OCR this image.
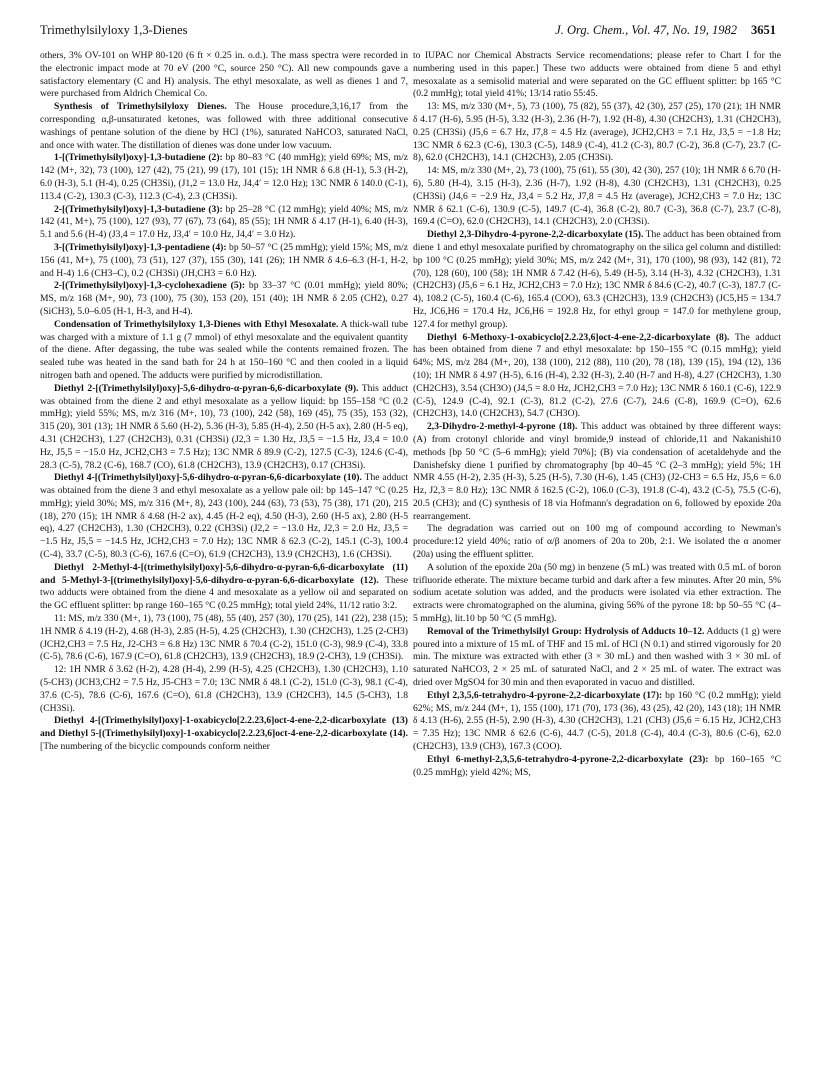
Trimethylsilyloxy 1,3-Dienes	J. Org. Chem., Vol. 47, No. 19, 1982 3651

others, 3% OV-101 on WHP 80-120 (6 ft × 0.25 in. o.d.). The mass spectra were recorded in the electronic impact mode at 70 eV (200 °C, source 250 °C). All new compounds gave a satisfactory elementary (C and H) analysis. The ethyl mesoxalate, as well as dienes 1 and 7, were purchased from Aldrich Chemical Co.

Synthesis of Trimethylsilyloxy Dienes. The House procedure,3,16,17 from the corresponding α,β-unsaturated ketones, was followed with three additional consecutive washings of pentane solution of the diene by HCl (1%), saturated NaHCO3, saturated NaCl, and once with water. The distillation of dienes was done under low vacuum.

1-[(Trimethylsilyl)oxy]-1,3-butadiene (2): bp 80–83 °C (40 mmHg); yield 69%; MS, m/z 142 (M+, 32), 73 (100), 127 (42), 75 (21), 99 (17), 101 (15); 1H NMR δ 6.8 (H-1), 5.3 (H-2), 6.0 (H-3), 5.1 (H-4), 0.25 (CH3Si), (J1,2 = 13.0 Hz, J4,4′ = 12.0 Hz); 13C NMR δ 140.0 (C-1), 113.4 (C-2), 130.3 (C-3), 112.3 (C-4), 2.3 (CH3Si).

2-[(Trimethylsilyl)oxy]-1,3-butadiene (3): bp 25–28 °C (12 mmHg); yield 40%; MS, m/z 142 (41, M+), 75 (100), 127 (93), 77 (67), 73 (64), 85 (55); 1H NMR δ 4.17 (H-1), 6.40 (H-3), 5.1 and 5.6 (H-4) (J3,4 = 17.0 Hz, J3,4′ = 10.0 Hz, J4,4′ = 3.0 Hz).

3-[(Trimethylsilyl)oxy]-1,3-pentadiene (4): bp 50–57 °C (25 mmHg); yield 15%; MS, m/z 156 (41, M+), 75 (100), 73 (51), 127 (37), 155 (30), 141 (26); 1H NMR δ 4.6–6.3 (H-1, H-2, and H-4) 1.6 (CH3–C), 0.2 (CH3Si) (JH,CH3 = 6.0 Hz).

2-[(Trimethylsilyl)oxy]-1,3-cyclohexadiene (5): bp 33–37 °C (0.01 mmHg); yield 80%; MS, m/z 168 (M+, 90), 73 (100), 75 (30), 153 (20), 151 (40); 1H NMR δ 2.05 (CH2), 0.27 (SiCH3), 5.0–6.05 (H-1, H-3, and H-4).

Condensation of Trimethylsilyloxy 1,3-Dienes with Ethyl Mesoxalate. A thick-wall tube was charged with a mixture of 1.1 g (7 mmol) of ethyl mesoxalate and the equivalent quantity of the diene. After degassing, the tube was sealed while the contents remained frozen. The sealed tube was heated in the sand bath for 24 h at 150–160 °C and then cooled in a liquid nitrogen bath and opened. The adducts were purified by microdistillation.

Diethyl 2-[(Trimethylsilyl)oxy]-5,6-dihydro-α-pyran-6,6-dicarboxylate (9). This adduct was obtained from the diene 2 and ethyl mesoxalate as a yellow liquid: bp 155–158 °C (0.2 mmHg); yield 55%; MS, m/z 316 (M+, 10), 73 (100), 242 (58), 169 (45), 75 (35), 153 (32), 315 (20), 301 (13); 1H NMR δ 5.60 (H-2), 5.36 (H-3), 5.85 (H-4), 2.50 (H-5 ax), 2.80 (H-5 eq), 4.31 (CH2CH3), 1.27 (CH2CH3), 0.31 (CH3Si) (J2,3 = 1.30 Hz, J3,5 = −1.5 Hz, J3,4 = 10.0 Hz, J5,5 = −15.0 Hz, JCH2,CH3 = 7.5 Hz); 13C NMR δ 89.9 (C-2), 127.5 (C-3), 124.6 (C-4), 28.3 (C-5), 78.2 (C-6), 168.7 (CO), 61.8 (CH2CH3), 13.9 (CH2CH3), 0.17 (CH3Si).

Diethyl 4-[(Trimethylsilyl)oxy]-5,6-dihydro-α-pyran-6,6-dicarboxylate (10). The adduct was obtained from the diene 3 and ethyl mesoxalate as a yellow pale oil: bp 145–147 °C (0.25 mmHg); yield 30%; MS, m/z 316 (M+, 8), 243 (100), 244 (63), 73 (53), 75 (38), 171 (20), 215 (18), 270 (15); 1H NMR δ 4.68 (H-2 ax), 4.45 (H-2 eq), 4.50 (H-3), 2.60 (H-5 ax), 2.80 (H-5 eq), 4.27 (CH2CH3), 1.30 (CH2CH3), 0.22 (CH3Si) (J2,2 = −13.0 Hz, J2,3 = 2.0 Hz, J3,5 = −1.5 Hz, J5,5 = −14.5 Hz, JCH2,CH3 = 7.0 Hz); 13C NMR δ 62.3 (C-2), 145.1 (C-3), 100.4 (C-4), 33.7 (C-5), 80.3 (C-6), 167.6 (C=O), 61.9 (CH2CH3), 13.9 (CH2CH3), 1.6 (CH3Si).

Diethyl 2-Methyl-4-[(trimethylsilyl)oxy]-5,6-dihydro-α-pyran-6,6-dicarboxylate (11) and 5-Methyl-3-[(trimethylsilyl)oxy]-5,6-dihydro-α-pyran-6,6-dicarboxylate (12). These two adducts were obtained from the diene 4 and mesoxalate as a yellow oil and separated on the GC effluent splitter: bp range 160–165 °C (0.25 mmHg); total yield 24%, 11/12 ratio 3:2.

11: MS, m/z 330 (M+, 1), 73 (100), 75 (48), 55 (40), 257 (30), 170 (25), 141 (22), 238 (15); 1H NMR δ 4.19 (H-2), 4.68 (H-3), 2.85 (H-5), 4.25 (CH2CH3), 1.30 (CH2CH3), 1.25 (2-CH3) (JCH2,CH3 = 7.5 Hz, J2-CH3 = 6.8 Hz) 13C NMR δ 70.4 (C-2), 151.0 (C-3), 98.9 (C-4), 33.8 (C-5), 78.6 (C-6), 167.9 (C=O), 61.8 (CH2CH3), 13.9 (CH2CH3), 18.9 (2-CH3), 1.9 (CH3Si).

12: 1H NMR δ 3.62 (H-2), 4.28 (H-4), 2.99 (H-5), 4.25 (CH2CH3), 1.30 (CH2CH3), 1.10 (5-CH3) (JCH3,CH2 = 7.5 Hz, J5-CH3 = 7.0; 13C NMR δ 48.1 (C-2), 151.0 (C-3), 98.1 (C-4), 37.6 (C-5), 78.6 (C-6), 167.6 (C=O), 61.8 (CH2CH3), 13.9 (CH2CH3), 14.5 (5-CH3), 1.8 (CH3Si).

Diethyl 4-[(Trimethylsilyl)oxy]-1-oxabicyclo[2.2.23,6]oct-4-ene-2,2-dicarboxylate (13) and Diethyl 5-[(Trimethylsilyl)oxy]-1-oxabicyclo[2.2.23,6]oct-4-ene-2,2-dicarboxylate (14). [The numbering of the bicyclic compounds conform neither

to IUPAC nor Chemical Abstracts Service recomendations; please refer to Chart I for the numbering used in this paper.] These two adducts were obtained from diene 5 and ethyl mesoxalate as a semisolid material and were separated on the GC effluent splitter: bp 165 °C (0.2 mmHg); total yield 41%; 13/14 ratio 55:45.

13: MS, m/z 330 (M+, 5), 73 (100), 75 (82), 55 (37), 42 (30), 257 (25), 170 (21); 1H NMR δ 4.17 (H-6), 5.95 (H-5), 3.32 (H-3), 2.36 (H-7), 1.92 (H-8), 4.30 (CH2CH3), 1.31 (CH2CH3), 0.25 (CH3Si) (J5,6 = 6.7 Hz, J7,8 = 4.5 Hz (average), JCH2,CH3 = 7.1 Hz, J3,5 = −1.8 Hz; 13C NMR δ 62.3 (C-6), 130.3 (C-5), 148.9 (C-4), 41.2 (C-3), 80.7 (C-2), 36.8 (C-7), 23.7 (C-8), 62.0 (CH2CH3), 14.1 (CH2CH3), 2.05 (CH3Si).

14: MS, m/z 330 (M+, 2), 73 (100), 75 (61), 55 (30), 42 (30), 257 (10); 1H NMR δ 6.70 (H-6), 5.80 (H-4), 3.15 (H-3), 2.36 (H-7), 1.92 (H-8), 4.30 (CH2CH3), 1.31 (CH2CH3), 0.25 (CH3Si) (J4,6 = −2.9 Hz, J3,4 = 5.2 Hz, J7,8 = 4.5 Hz (average), JCH2,CH3 = 7.0 Hz; 13C NMR δ 62.1 (C-6), 130.9 (C-5), 149.7 (C-4), 36.8 (C-2), 80.7 (C-3), 36.8 (C-7), 23.7 (C-8), 169.4 (C=O), 62.0 (CH2CH3), 14.1 (CH2CH3), 2.0 (CH3Si).

Diethyl 2,3-Dihydro-4-pyrone-2,2-dicarboxylate (15). The adduct has been obtained from diene 1 and ethyl mesoxalate purified by chromatography on the silica gel column and distilled: bp 100 °C (0.25 mmHg); yield 30%; MS, m/z 242 (M+, 31), 170 (100), 98 (93), 142 (81), 72 (70), 128 (60), 100 (58); 1H NMR δ 7.42 (H-6), 5.49 (H-5), 3.14 (H-3), 4.32 (CH2CH3), 1.31 (CH2CH3) (J5,6 = 6.1 Hz, JCH2,CH3 = 7.0 Hz); 13C NMR δ 84.6 (C-2), 40.7 (C-3), 187.7 (C-4), 108.2 (C-5), 160.4 (C-6), 165.4 (COO), 63.3 (CH2CH3), 13.9 (CH2CH3) (JC5,H5 = 134.7 Hz, JC6,H6 = 170.4 Hz, JC6,H6 = 192.8 Hz, for ethyl group = 147.0 for methylene group, 127.4 for methyl group).

Diethyl 6-Methoxy-1-oxabicyclo[2.2.23,6]oct-4-ene-2,2-dicarboxylate (8). The adduct has been obtained from diene 7 and ethyl mesoxalate: bp 150–155 °C (0.15 mmHg); yield 64%; MS, m/z 284 (M+, 20), 138 (100), 212 (88), 110 (20), 78 (18), 139 (15), 194 (12), 136 (10); 1H NMR δ 4.97 (H-5), 6.16 (H-4), 2.32 (H-3), 2.40 (H-7 and H-8), 4.27 (CH2CH3), 1.30 (CH2CH3), 3.54 (CH3O) (J4,5 = 8.0 Hz, JCH2,CH3 = 7.0 Hz); 13C NMR δ 160.1 (C-6), 122.9 (C-5), 124.9 (C-4), 92.1 (C-3), 81.2 (C-2), 27.6 (C-7), 24.6 (C-8), 169.9 (C=O), 62.6 (CH2CH3), 14.0 (CH2CH3), 54.7 (CH3O).

2,3-Dihydro-2-methyl-4-pyrone (18). This adduct was obtained by three different ways: (A) from crotonyl chloride and vinyl bromide,9 instead of chloride,11 and Nakanishi10 methods [bp 50 °C (5–6 mmHg); yield 70%]; (B) via condensation of acetaldehyde and the Danishefsky diene 1 purified by chromatography [bp 40–45 °C (2–3 mmHg); yield 5%; 1H NMR 4.55 (H-2), 2.35 (H-3), 5.25 (H-5), 7.30 (H-6), 1.45 (CH3) (J2-CH3 = 6.5 Hz, J5,6 = 6.0 Hz, J2,3 = 8.0 Hz); 13C NMR δ 162.5 (C-2), 106.0 (C-3), 191.8 (C-4), 43.2 (C-5), 75.5 (C-6), 20.5 (CH3); and (C) synthesis of 18 via Hofmann's degradation on 6, followed by epoxide 20a rearrangement.

The degradation was carried out on 100 mg of compound according to Newman's procedure:12 yield 40%; ratio of α/β anomers of 20a to 20b, 2:1. We isolated the α anomer (20a) using the effluent splitter.

A solution of the epoxide 20a (50 mg) in benzene (5 mL) was treated with 0.5 mL of boron trifluoride etherate. The mixture became turbid and dark after a few minutes. After 20 min, 5% sodium acetate solution was added, and the products were isolated via ether extraction. The extracts were chromatographed on the alumina, giving 56% of the pyrone 18: bp 50–55 °C (4–5 mmHg), lit.10 bp 50 °C (5 mmHg).

Removal of the Trimethylsilyl Group: Hydrolysis of Adducts 10–12. Adducts (1 g) were poured into a mixture of 15 mL of THF and 15 mL of HCl (N 0.1) and stirred vigorously for 20 min. The mixture was extracted with ether (3 × 30 mL) and then washed with 3 × 30 mL of saturated NaHCO3, 2 × 25 mL of saturated NaCl, and 2 × 25 mL of water. The extract was dried over MgSO4 for 30 min and then evaporated in vacuo and distilled.

Ethyl 2,3,5,6-tetrahydro-4-pyrone-2,2-dicarboxylate (17): bp 160 °C (0.2 mmHg); yield 62%; MS, m/z 244 (M+, 1), 155 (100), 171 (70), 173 (36), 43 (25), 42 (20), 143 (18); 1H NMR δ 4.13 (H-6), 2.55 (H-5), 2.90 (H-3), 4.30 (CH2CH3), 1.21 (CH3) (J5,6 = 6.15 Hz, JCH2,CH3 = 7.35 Hz); 13C NMR δ 62.6 (C-6), 44.7 (C-5), 201.8 (C-4), 40.4 (C-3), 80.6 (C-6), 62.0 (CH2CH3), 13.9 (CH3), 167.3 (COO).

Ethyl 6-methyl-2,3,5,6-tetrahydro-4-pyrone-2,2-dicarboxylate (23): bp 160–165 °C (0.25 mmHg); yield 42%; MS,
